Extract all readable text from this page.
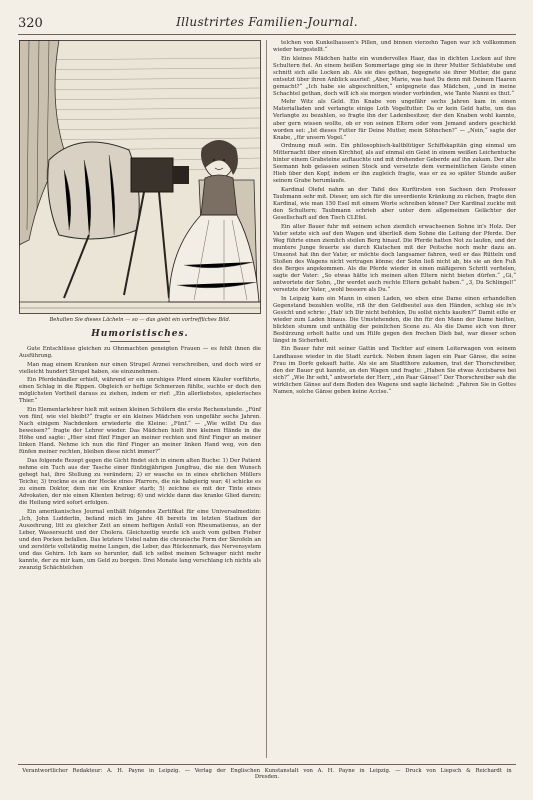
320	Illustrirtes Familien-Journal.
Behalten Sie dieses Lächeln — so — das giebt ein vortreffliches Bild.
Humoristisches.

Gute Entschlüsse gleichen zu Ohnmachten geneigten Frauen — es fehlt ihnen die Ausführung.

Man mag einem Kranken nur einen Strupel Arznei verschreiben, und doch wird er vielleicht hundert Strupel haben, sie einzunehmen.

Ein Pferdehändler erhielt, während er ein unruhiges Pferd einem Käufer vorführte, einen Schlag in die Rippen. Obgleich er heftige Schmerzen fühlte, suchte er doch den möglichsten Vortheil daraus zu ziehen, indem er rief: „Ein allerliebstes, spielerisches Thier.“

Ein Elementarlehrer hielt mit seinen kleinen Schülern die erste Rechenstunde. „Fünf von fünf, wie viel bleibt?“ fragte er ein kleines Mädchen von ungefähr sechs Jahren. Nach einigem Nachdenken erwiederte die Kleine: „Fünf.“ — „Wie willst Du das beweisen?“ fragte der Lehrer wieder. Das Mädchen hielt ihre kleinen Hände in die Höhe und sagte: „Hier sind fünf Finger an meiner rechten und fünf Finger an meiner linken Hand. Nehme ich nun die fünf Finger an meiner linken Hand weg, von den fünfen meiner rechten, bleiben diese nicht immer?“

Das folgende Rezept gegen die Gicht findet sich in einem alten Buche: 1) Der Patient nehme ein Tuch aus der Tasche einer fünfzigjährigen Jungfrau, die nie den Wunsch gehegt hat, ihre Stellung zu verändern; 2) er wasche es in eines ehrlichen Müllers Teiche; 3) trockne es an der Hecke eines Pfarrers, die nie habgierig war; 4) schicke es zu einem Doktor, dem nie ein Kranker starb; 5) zeichne es mit der Tinte eines Advokaten, der nie einen Klienten betrog; 6) und wickle dann das kranke Glied darein; die Heilung wird sofort erfolgen.

Ein amerikanisches Journal enthält folgendes Zertifikat für eine Universalmedizin: „Ich, John Ludderlin, befand mich im Jahre 48 bereits im letzten Stadium der Auszehrung, litt zu gleicher Zeit an einem heftigen Anfall von Rheumatismus, an der Leber, Wassersucht und der Cholera. Gleichzeitig wurde ich auch vom gelben Fieber und den Pocken befallen. Das letztere Uebel nahm die chronische Form der Skrofeln an und zerstörte vollständig meine Lungen, die Leber, das Rückenmark, das Nervensystem und das Gehirn. Ich kam so herunter, daß ich selbst meinen Schwager nicht mehr kannte, der zu mir kam, um Geld zu borgen. Drei Monate lang verschlang ich nichts als zwanzig Schächtelchen

telchen von Kunkelhausen's Pillen, und binnen vierzehn Tagen war ich vollkommen wieder hergestellt.“

Ein kleines Mädchen hatte ein wundervolles Haar, das in dichten Locken auf ihre Schultern fiel. An einem heißen Sommertage ging sie in ihrer Mutter Schlafstube und schnitt sich alle Locken ab. Als sie dies gethan, begegnete sie ihrer Mutter, die ganz entsetzt über ihren Anblick ausrief: „Aber, Marie, was hast Du denn mit Deinem Haaren gemacht?“ „Ich habe sie abgeschnitten,“ entgegnete das Mädchen, „und in meine Schachtel gethan, doch will ich sie morgen wieder vorbinden, wie Tante Nanni es thut.“

Mehr Witz als Geld. Ein Knabe von ungefähr sechs Jahren kam in einen Materialladen und verlangte einige Loth Vogelfutter. Da er kein Geld hatte, um das Verlangte zu bezahlen, so fragte ihn der Ladenbesitzer, der den Knaben wohl kannte, aber gern wissen wollte, ob er von seinen Eltern oder vom Jemand anders geschickt worden sei: „Ist dieses Futter für Deine Mutter, mein Söhnchen?“ — „Nein,“ sagte der Knabe, „für unsern Vogel.“

Ordnung muß sein. Ein philosophisch-kaltblütiger Schiffskapitän ging einmal um Mitternacht über einen Kirchhof, als auf einmal ein Geist in einem weißen Leichentuche hinter einem Grabsteine auftauchte und mit drohender Geberde auf ihn zukam. Der alte Seemann hob gelassen seinen Stock und versetzte dem vermeintlichen Geiste einen Hieb über den Kopf, indem er ihn zugleich fragte, was er zu so später Stunde außer seinem Grabe herumlaufe.

Kardinal Olefel nahm an der Tafel des Kurfürsten von Sachsen den Professor Taubmann sehr mit. Dieser, um sich für die unverdiente Kränkung zu rächen, fragte den Kardinal, wie man 150 Esel mit einem Worte schreiben könne? Der Kardinal zuckte mit den Schultern; Taubmann schrieb aber unter dem allgemeinen Gelächter der Gesellschaft auf den Tisch CLEfel.

Ein alter Bauer fuhr mit seinem schon ziemlich erwachsenen Sohne in's Holz. Der Vater setzte sich auf den Wagen und überließ dem Sohne die Leitung der Pferde. Der Weg führte einen ziemlich steilen Berg hinauf. Die Pferde hatten Not zu laufen, und der muntere Junge feuerte sie durch Klatschen mit der Peitsche noch mehr dazu an. Umsonst hat ihn der Vater, er möchte doch langsamer fahren, weil er das Rütteln und Stoßen des Wagens nicht vertragen könne; der Sohn ließ nicht ab, bis sie an den Fuß des Berges angekommen. Als die Pferde wieder in einen mäßigeren Schritt verfielen, sagte der Vater: „So etwas hätte ich meinen alten Eltern nicht bieten dürfen.“ „Gi,“ antwortete der Sohn, „Ihr werdet auch rechte Eltern gehabt haben.“ „3, Du Schlingel!“ versetzte der Vater, „wohl bessere als Du.“

In Leipzig kam ein Mann in einen Laden, wo eben eine Dame einen erhandelten Gegenstand bezahlen wollte, riß ihr den Geldbeutel aus den Händen, schlug sie in's Gesicht und schrie: „Hab' ich Dir nicht befohlen, Du sollst nichts kaufen?“ Damit eilte er wieder zum Laden hinaus. Die Umstehenden, die ihn für den Mann der Dame hielten, blickten stumm und unthätig der peinlichen Scene zu. Als die Dame sich von ihrer Bestürzung erholt hatte und um Hilfe gegen den frechen Dieb bat, war dieser schon längst in Sicherheit.

Ein Bauer fuhr mit seiner Gattin und Tochter auf einem Leiterwagen von seinem Landhause wieder in die Stadt zurück. Neben ihnen lagen ein Paar Gänse, die seine Frau im Dorfe gekauft hatte. Als sie am Stadtthore zukamen, trat der Thorschreiber, den der Bauer gut kannte, an den Wagen und fragte: „Haben Sie etwas Accisbares bei sich?“ „Wie Ihr seht,“ antwortete der Herr, „ein Paar Gänse!“ Der Thorschreiber sah die wirklichen Gänse auf dem Boden des Wagens und sagte lächelnd: „Fahren Sie in Gottes Namen, solche Gänse geben keine Accise.“

Verantwortlicher Redakteur: A. H. Payne in Leipzig. — Verlag der Englischen Kunstanstalt von A. H. Payne in Leipzig. — Druck von Liepsch & Reichardt in Dresden.
